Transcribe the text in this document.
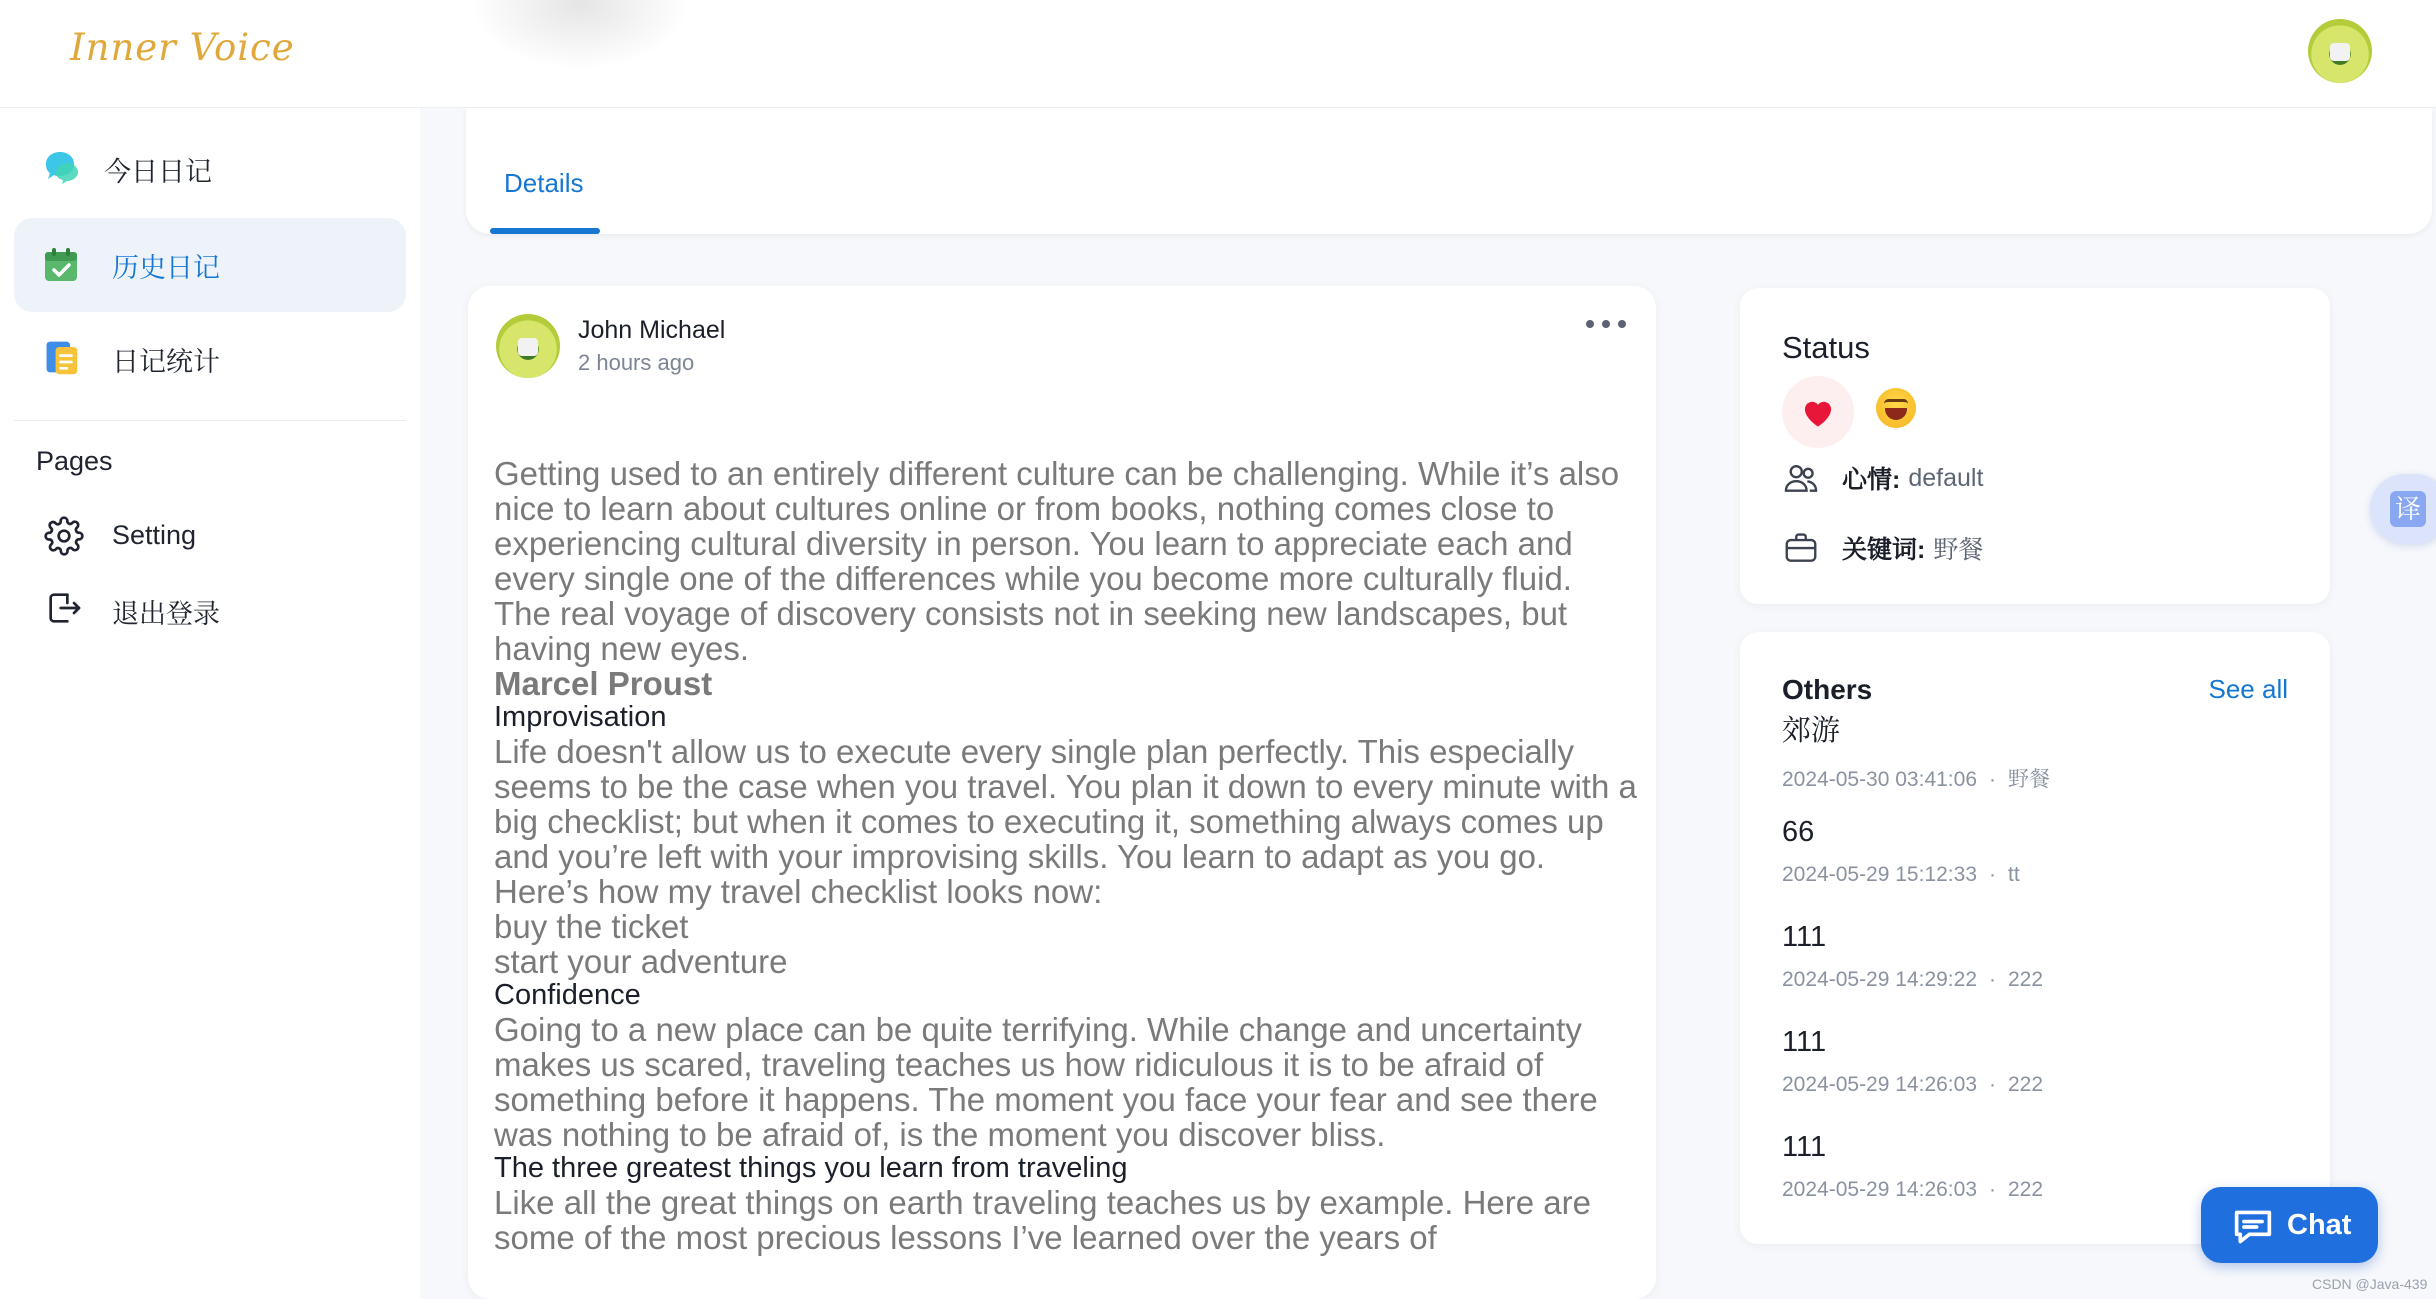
Inner Voice
今日日记
历史日记
日记统计
Pages
Setting
退出登录
Details
John Michael
2 hours ago
Getting used to an entirely different culture can be challenging. While it’s also nice to learn about cultures online or from books, nothing comes close to experiencing cultural diversity in person. You learn to appreciate each and every single one of the differences while you become more culturally fluid.
The real voyage of discovery consists not in seeking new landscapes, but having new eyes.
Marcel Proust
Improvisation
Life doesn't allow us to execute every single plan perfectly. This especially seems to be the case when you travel. You plan it down to every minute with a big checklist; but when it comes to executing it, something always comes up and you’re left with your improvising skills. You learn to adapt as you go. Here’s how my travel checklist looks now:
buy the ticket
start your adventure
Confidence
Going to a new place can be quite terrifying. While change and uncertainty makes us scared, traveling teaches us how ridiculous it is to be afraid of something before it happens. The moment you face your fear and see there was nothing to be afraid of, is the moment you discover bliss.
The three greatest things you learn from traveling
Like all the great things on earth traveling teaches us by example. Here are some of the most precious lessons I’ve learned over the years of
Status
心情: default
关键词: 野餐
Others	See all
郊游
2024-05-30 03:41:06 · 野餐
66
2024-05-29 15:12:33 · tt
111
2024-05-29 14:29:22 · 222
111
2024-05-29 14:26:03 · 222
111
2024-05-29 14:26:03 · 222
译
Chat
CSDN @Java-439
